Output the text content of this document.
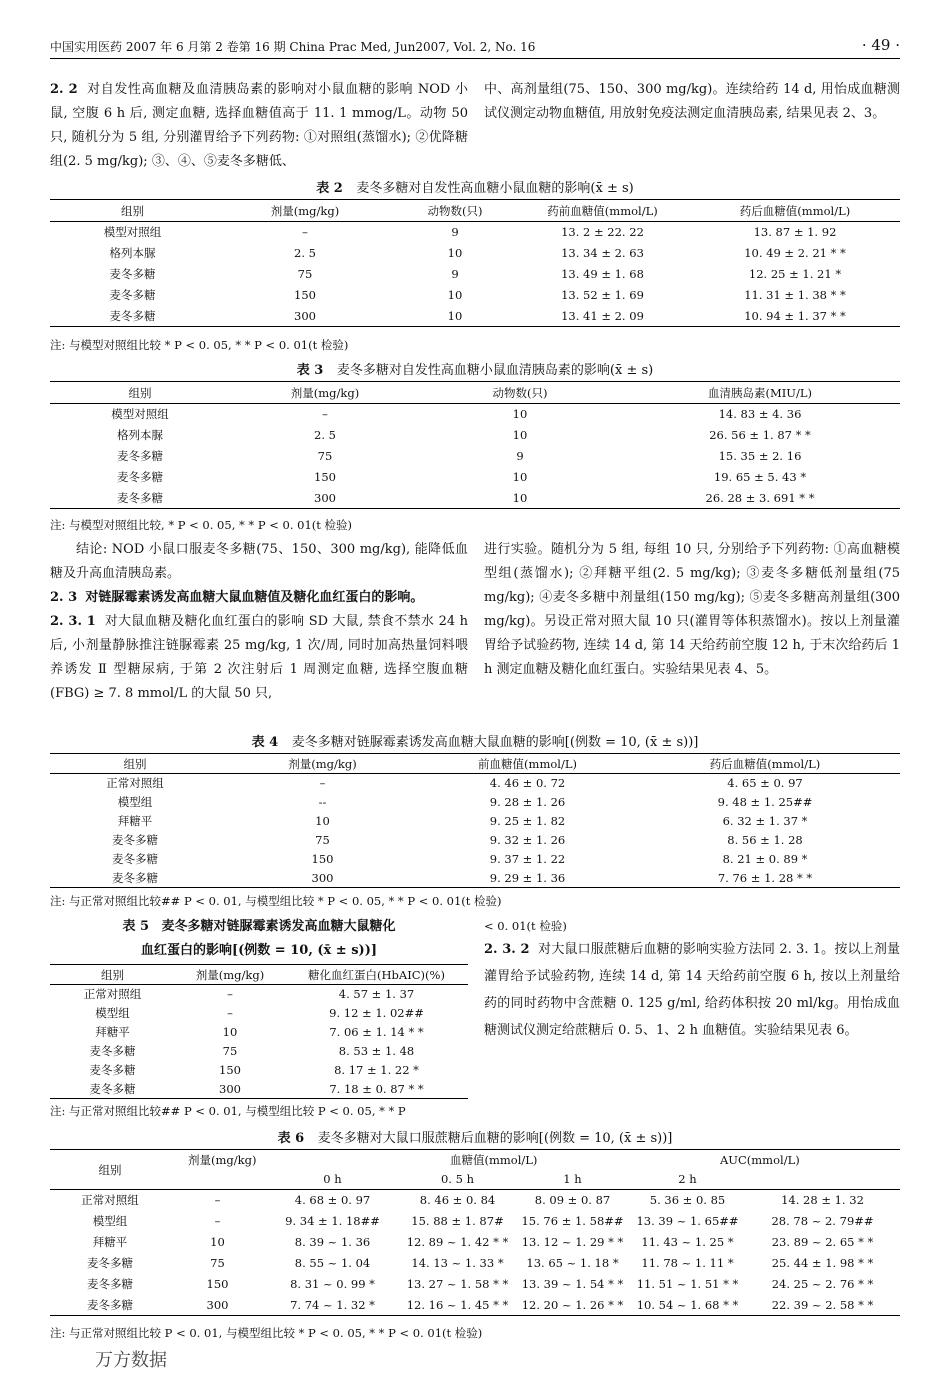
中国实用医药 2007 年 6 月第 2 卷第 16 期 China Prac Med, Jun2007, Vol. 2, No. 16	· 49 ·
2. 2 对自发性高血糖及血清胰岛素的影响对小鼠血糖的影响 NOD 小鼠, 空腹 6 h 后, 测定血糖, 选择血糖值高于 11. 1 mmog/L。动物 50 只, 随机分为 5 组, 分别灌胃给予下列药物: ①对照组(蒸馏水); ②优降糖组(2. 5 mg/kg); ③、④、⑤麦冬多糖低、
中、高剂量组(75、150、300 mg/kg)。连续给药 14 d, 用怡成血糖测试仪测定动物血糖值, 用放射免疫法测定血清胰岛素, 结果见表 2、3。
表 2 麦冬多糖对自发性高血糖小鼠血糖的影响(x̄ ± s)
组别	剂量(mg/kg)	动物数(只)	药前血糖值(mmol/L)	药后血糖值(mmol/L)
模型对照组	–	9	13. 2 ± 22. 22	13. 87 ± 1. 92
格列本脲	2. 5	10	13. 34 ± 2. 63	10. 49 ± 2. 21 * *
麦冬多糖	75	9	13. 49 ± 1. 68	12. 25 ± 1. 21 *
麦冬多糖	150	10	13. 52 ± 1. 69	11. 31 ± 1. 38 * *
麦冬多糖	300	10	13. 41 ± 2. 09	10. 94 ± 1. 37 * *
注: 与模型对照组比较 * P < 0. 05, * * P < 0. 01(t 检验)
表 3 麦冬多糖对自发性高血糖小鼠血清胰岛素的影响(x̄ ± s)
组别	剂量(mg/kg)	动物数(只)	血清胰岛素(MIU/L)
模型对照组	–	10	14. 83 ± 4. 36
格列本脲	2. 5	10	26. 56 ± 1. 87 * *
麦冬多糖	75	9	15. 35 ± 2. 16
麦冬多糖	150	10	19. 65 ± 5. 43 *
麦冬多糖	300	10	26. 28 ± 3. 691 * *
注: 与模型对照组比较, * P < 0. 05, * * P < 0. 01(t 检验)
结论: NOD 小鼠口服麦冬多糖(75、150、300 mg/kg), 能降低血糖及升高血清胰岛素。
2. 3 对链脲霉素诱发高血糖大鼠血糖值及糖化血红蛋白的影响。
2. 3. 1 对大鼠血糖及糖化血红蛋白的影响 SD 大鼠, 禁食不禁水 24 h 后, 小剂量静脉推注链脲霉素 25 mg/kg, 1 次/周, 同时加高热量饲料喂养诱发 Ⅱ 型糖尿病, 于第 2 次注射后 1 周测定血糖, 选择空腹血糖(FBG) ≥ 7. 8 mmol/L 的大鼠 50 只,
进行实验。随机分为 5 组, 每组 10 只, 分别给予下列药物: ①高血糖模型组(蒸馏水); ②拜糖平组(2. 5 mg/kg); ③麦冬多糖低剂量组(75 mg/kg); ④麦冬多糖中剂量组(150 mg/kg); ⑤麦冬多糖高剂量组(300 mg/kg)。另设正常对照大鼠 10 只(灌胃等体积蒸馏水)。按以上剂量灌胃给予试验药物, 连续 14 d, 第 14 天给药前空腹 12 h, 于末次给药后 1 h 测定血糖及糖化血红蛋白。实验结果见表 4、5。
表 4 麦冬多糖对链脲霉素诱发高血糖大鼠血糖的影响[(例数 = 10, (x̄ ± s))]
组别	剂量(mg/kg)	前血糖值(mmol/L)	药后血糖值(mmol/L)
正常对照组	–	4. 46 ± 0. 72	4. 65 ± 0. 97
模型组	--	9. 28 ± 1. 26	9. 48 ± 1. 25##
拜糖平	10	9. 25 ± 1. 82	6. 32 ± 1. 37 *
麦冬多糖	75	9. 32 ± 1. 26	8. 56 ± 1. 28
麦冬多糖	150	9. 37 ± 1. 22	8. 21 ± 0. 89 *
麦冬多糖	300	9. 29 ± 1. 36	7. 76 ± 1. 28 * *
注: 与正常对照组比较## P < 0. 01, 与模型组比较 * P < 0. 05, * * P < 0. 01(t 检验)
表 5 麦冬多糖对链脲霉素诱发高血糖大鼠糖化
血红蛋白的影响[(例数 = 10, (x̄ ± s))]
组别	剂量(mg/kg)	糖化血红蛋白(HbAIC)(%)
正常对照组	–	4. 57 ± 1. 37
模型组	–	9. 12 ± 1. 02##
拜糖平	10	7. 06 ± 1. 14 * *
麦冬多糖	75	8. 53 ± 1. 48
麦冬多糖	150	8. 17 ± 1. 22 *
麦冬多糖	300	7. 18 ± 0. 87 * *
注: 与正常对照组比较## P < 0. 01, 与模型组比较 P < 0. 05, * * P
< 0. 01(t 检验)
2. 3. 2 对大鼠口服蔗糖后血糖的影响实验方法同 2. 3. 1。按以上剂量灌胃给予试验药物, 连续 14 d, 第 14 天给药前空腹 6 h, 按以上剂量给药的同时药物中含蔗糖 0. 125 g/ml, 给药体积按 20 ml/kg。用怡成血糖测试仪测定给蔗糖后 0. 5、1、2 h 血糖值。实验结果见表 6。
表 6 麦冬多糖对大鼠口服蔗糖后血糖的影响[(例数 = 10, (x̄ ± s))]
组别	剂量(mg/kg)		血糖值(mmol/L)		AUC(mmol/L)	
		0 h	0. 5 h	1 h	2 h	
正常对照组	–	4. 68 ± 0. 97	8. 46 ± 0. 84	8. 09 ± 0. 87	5. 36 ± 0. 85	14. 28 ± 1. 32
模型组	–	9. 34 ± 1. 18##	15. 88 ± 1. 87#	15. 76 ± 1. 58##	13. 39 ~ 1. 65##	28. 78 ~ 2. 79##
拜糖平	10	8. 39 ~ 1. 36	12. 89 ~ 1. 42 * *	13. 12 ~ 1. 29 * *	11. 43 ~ 1. 25 *	23. 89 ~ 2. 65 * *
麦冬多糖	75	8. 55 ~ 1. 04	14. 13 ~ 1. 33 *	13. 65 ~ 1. 18 *	11. 78 ~ 1. 11 *	25. 44 ± 1. 98 * *
麦冬多糖	150	8. 31 ~ 0. 99 *	13. 27 ~ 1. 58 * *	13. 39 ~ 1. 54 * *	11. 51 ~ 1. 51 * *	24. 25 ~ 2. 76 * *
麦冬多糖	300	7. 74 ~ 1. 32 *	12. 16 ~ 1. 45 * *	12. 20 ~ 1. 26 * *	10. 54 ~ 1. 68 * *	22. 39 ~ 2. 58 * *
注: 与正常对照组比较 P < 0. 01, 与模型组比较 * P < 0. 05, * * P < 0. 01(t 检验)
万方数据
